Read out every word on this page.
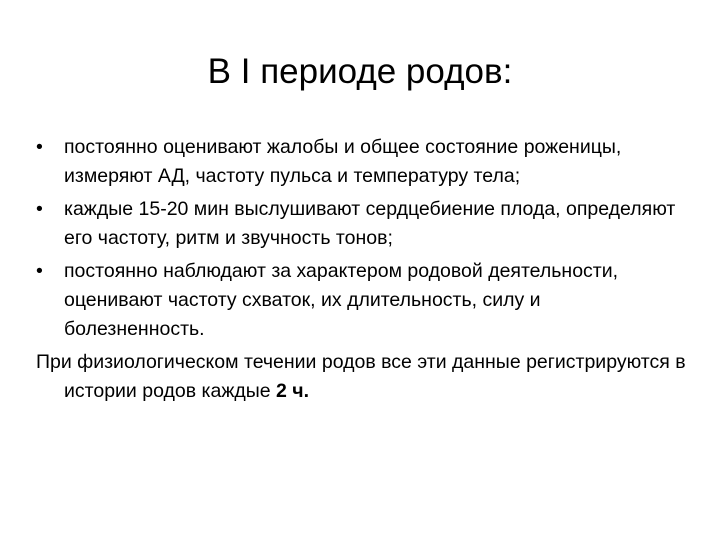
В I периоде родов:
•	постоянно оценивают жалобы и общее состояние роженицы, измеряют АД, частоту пульса и температуру тела;
•	каждые 15-20 мин выслушивают сердцебиение плода, определяют его частоту, ритм и звучность тонов;
•	постоянно наблюдают за характером родовой деятельности, оценивают частоту схваток, их длительность, силу и болезненность.

При физиологическом течении родов все эти данные регистрируются в истории родов каждые 2 ч.
